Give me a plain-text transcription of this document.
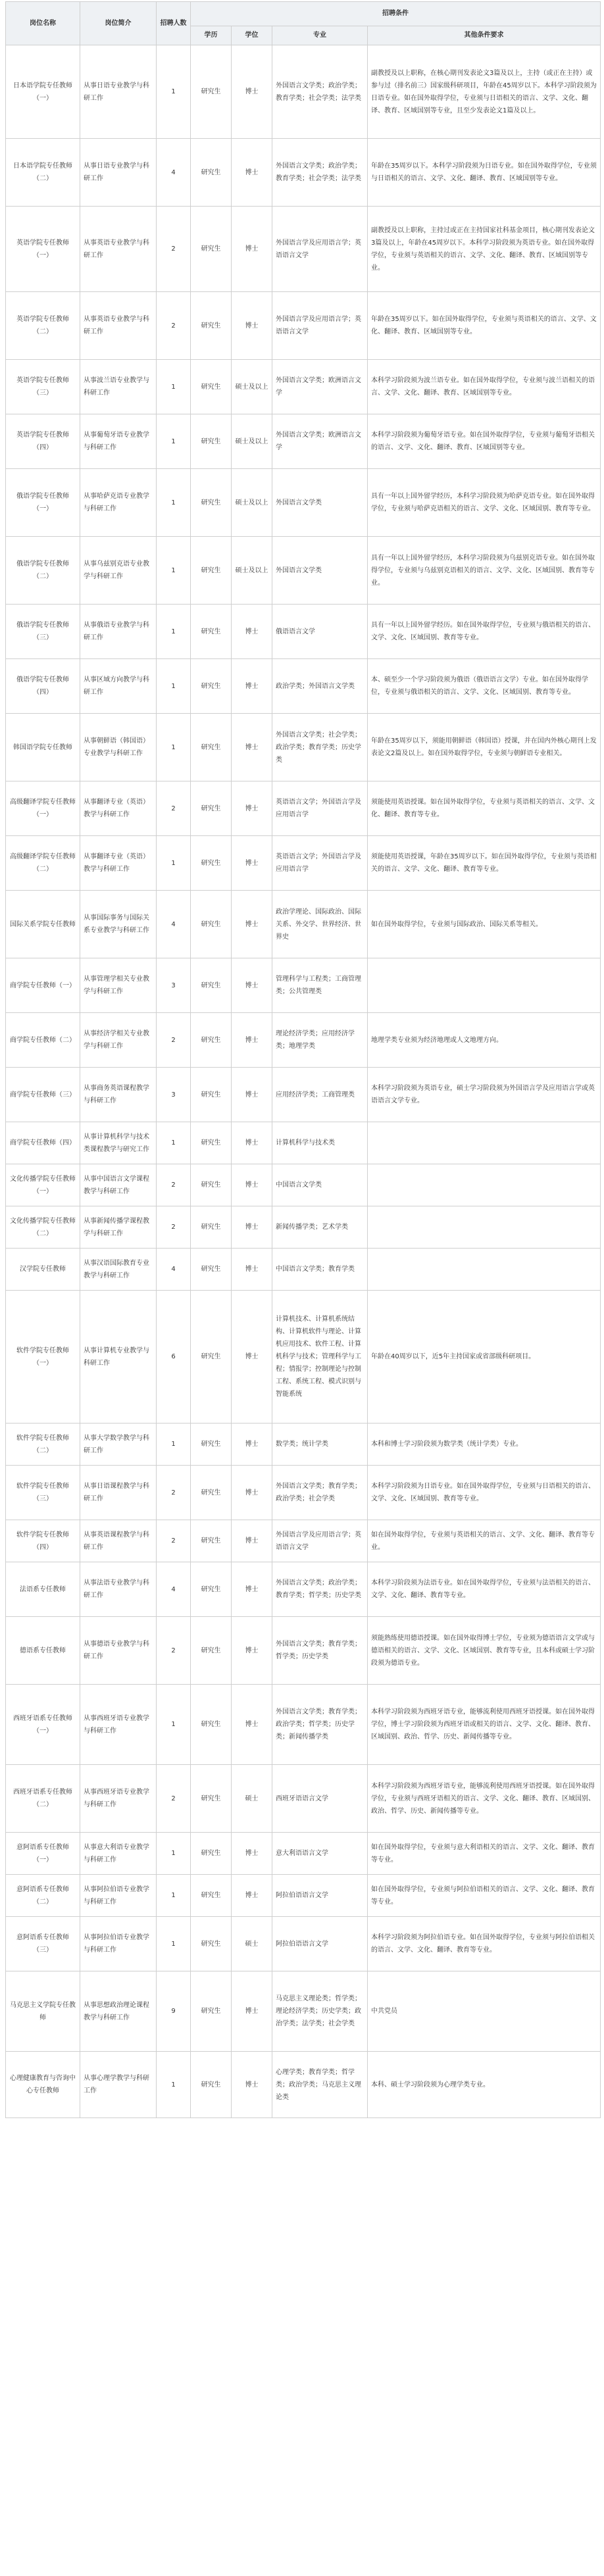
岗位名称	岗位简介	招聘人数	招聘条件			
			学历	学位	专业	其他条件要求
日本语学院专任教师（一）	从事日语专业教学与科研工作	1	研究生	博士	外国语言文学类；政治学类；教育学类；社会学类；法学类	副教授及以上职称，在核心期刊发表论文3篇及以上，主持（或正在主持）或参与过（排名前三）国家级科研项目，年龄在45周岁以下。本科学习阶段须为日语专业。如在国外取得学位，专业须与日语相关的语言、文学、文化、翻译、教育、区域国别等专业，且至少发表论文1篇及以上。
日本语学院专任教师（二）	从事日语专业教学与科研工作	4	研究生	博士	外国语言文学类；政治学类；教育学类；社会学类；法学类	年龄在35周岁以下。本科学习阶段须为日语专业。如在国外取得学位，专业须与日语相关的语言、文学、文化、翻译、教育、区域国别等专业。
英语学院专任教师（一）	从事英语专业教学与科研工作	2	研究生	博士	外国语言学及应用语言学；英语语言文学	副教授及以上职称，主持过或正在主持国家社科基金项目，核心期刊发表论文3篇及以上，年龄在45周岁以下。本科学习阶段须为英语专业。如在国外取得学位，专业须与英语相关的语言、文学、文化、翻译、教育、区域国别等专业。
英语学院专任教师（二）	从事英语专业教学与科研工作	2	研究生	博士	外国语言学及应用语言学；英语语言文学	年龄在35周岁以下。如在国外取得学位，专业须与英语相关的语言、文学、文化、翻译、教育、区域国别等专业。
英语学院专任教师（三）	从事波兰语专业教学与科研工作	1	研究生	硕士及以上	外国语言文学类；欧洲语言文学	本科学习阶段须为波兰语专业。如在国外取得学位，专业须与波兰语相关的语言、文学、文化、翻译、教育、区域国别等专业。
英语学院专任教师（四）	从事葡萄牙语专业教学与科研工作	1	研究生	硕士及以上	外国语言文学类；欧洲语言文学	本科学习阶段须为葡萄牙语专业。如在国外取得学位，专业须与葡萄牙语相关的语言、文学、文化、翻译、教育、区域国别等专业。
俄语学院专任教师（一）	从事哈萨克语专业教学与科研工作	1	研究生	硕士及以上	外国语言文学类	具有一年以上国外留学经历，本科学习阶段须为哈萨克语专业。如在国外取得学位，专业须与哈萨克语相关的语言、文学、文化、区域国别、教育等专业。
俄语学院专任教师（二）	从事乌兹别克语专业教学与科研工作	1	研究生	硕士及以上	外国语言文学类	具有一年以上国外留学经历，本科学习阶段须为乌兹别克语专业。如在国外取得学位，专业须与乌兹别克语相关的语言、文学、文化、区域国别、教育等专业。
俄语学院专任教师（三）	从事俄语专业教学与科研工作	1	研究生	博士	俄语语言文学	具有一年以上国外留学经历。如在国外取得学位，专业须与俄语相关的语言、文学、文化、区域国别、教育等专业。
俄语学院专任教师（四）	从事区域方向教学与科研工作	1	研究生	博士	政治学类；外国语言文学类	本、硕至少一个学习阶段须为俄语（俄语语言文学）专业。如在国外取得学位，专业须与俄语相关的语言、文学、文化、区域国别、教育等专业。
韩国语学院专任教师	从事朝鲜语（韩国语）专业教学与科研工作	1	研究生	博士	外国语言文学类；社会学类；政治学类；教育学类；历史学类	年龄在35周岁以下，须能用朝鲜语（韩国语）授课，并在国内外核心期刊上发表论文2篇及以上。如在国外取得学位，专业须与朝鲜语专业相关。
高级翻译学院专任教师（一）	从事翻译专业（英语）教学与科研工作	2	研究生	博士	英语语言文学；外国语言学及应用语言学	须能使用英语授课。如在国外取得学位，专业须与英语相关的语言、文学、文化、翻译、教育等专业。
高级翻译学院专任教师（二）	从事翻译专业（英语）教学与科研工作	1	研究生	博士	英语语言文学；外国语言学及应用语言学	须能使用英语授课，年龄在35周岁以下。如在国外取得学位，专业须与英语相关的语言、文学、文化、翻译、教育等专业。
国际关系学院专任教师	从事国际事务与国际关系专业教学与科研工作	4	研究生	博士	政治学理论、国际政治、国际关系、外交学、世界经济、世界史	如在国外取得学位，专业须与国际政治、国际关系等相关。
商学院专任教师（一）	从事管理学相关专业教学与科研工作	3	研究生	博士	管理科学与工程类；工商管理类；公共管理类	
商学院专任教师（二）	从事经济学相关专业教学与科研工作	2	研究生	博士	理论经济学类；应用经济学类；地理学类	地理学类专业须为经济地理或人文地理方向。
商学院专任教师（三）	从事商务英语课程教学与科研工作	3	研究生	博士	应用经济学类；工商管理类	本科学习阶段须为英语专业，硕士学习阶段须为外国语言学及应用语言学或英语语言文学专业。
商学院专任教师（四）	从事计算机科学与技术类课程教学与研究工作	1	研究生	博士	计算机科学与技术类	
文化传播学院专任教师（一）	从事中国语言文学课程教学与科研工作	2	研究生	博士	中国语言文学类	
文化传播学院专任教师（二）	从事新闻传播学课程教学与科研工作	2	研究生	博士	新闻传播学类；艺术学类	
汉学院专任教师	从事汉语国际教育专业教学与科研工作	4	研究生	博士	中国语言文学类；教育学类	
软件学院专任教师（一）	从事计算机专业教学与科研工作	6	研究生	博士	计算机技术、计算机系统结构、计算机软件与理论、计算机应用技术、软件工程、计算机科学与技术；管理科学与工程；情报学；控制理论与控制工程、系统工程、模式识别与智能系统	年龄在40周岁以下，近5年主持国家或省部级科研项目。
软件学院专任教师（二）	从事大学数学教学与科研工作	1	研究生	博士	数学类；统计学类	本科和博士学习阶段须为数学类（统计学类）专业。
软件学院专任教师（三）	从事日语课程教学与科研工作	2	研究生	博士	外国语言文学类；教育学类；政治学类；社会学类	本科学习阶段须为日语专业。如在国外取得学位，专业须与日语相关的语言、文学、文化、区域国别、教育等专业。
软件学院专任教师（四）	从事英语课程教学与科研工作	2	研究生	博士	外国语言学及应用语言学；英语语言文学	如在国外取得学位，专业须与英语相关的语言、文学、文化、翻译、教育等专业。
法语系专任教师	从事法语专业教学与科研工作	4	研究生	博士	外国语言文学类；政治学类；教育学类；哲学类；历史学类	本科学习阶段须为法语专业。如在国外取得学位，专业须与法语相关的语言、文学、文化、翻译、教育等专业。
德语系专任教师	从事德语专业教学与科研工作	2	研究生	博士	外国语言文学类；教育学类；哲学类；历史学类	须能熟练使用德语授课。如在国外取得博士学位，专业须为德语语言文学或与德语相关的语言、文学、文化、区域国别、教育等专业，且本科或硕士学习阶段须为德语专业。
西班牙语系专任教师（一）	从事西班牙语专业教学与科研工作	1	研究生	博士	外国语言文学类；教育学类；政治学类；哲学类；历史学类；新闻传播学类	本科学习阶段须为西班牙语专业，能够流利使用西班牙语授课。如在国外取得学位，博士学习阶段须为西班牙语或相关的语言、文学、文化、翻译、教育、区域国别、政治、哲学、历史、新闻传播等专业。
西班牙语系专任教师（二）	从事西班牙语专业教学与科研工作	2	研究生	硕士	西班牙语语言文学	本科学习阶段须为西班牙语专业，能够流利使用西班牙语授课。如在国外取得学位，专业须与西班牙语相关的语言、文学、文化、翻译、教育、区域国别、政治、哲学、历史、新闻传播等专业。
意阿语系专任教师（一）	从事意大利语专业教学与科研工作	1	研究生	博士	意大利语语言文学	如在国外取得学位，专业须与意大利语相关的语言、文学、文化、翻译、教育等专业。
意阿语系专任教师（二）	从事阿拉伯语专业教学与科研工作	1	研究生	博士	阿拉伯语语言文学	如在国外取得学位，专业须与阿拉伯语相关的语言、文学、文化、翻译、教育等专业。
意阿语系专任教师（三）	从事阿拉伯语专业教学与科研工作	1	研究生	硕士	阿拉伯语语言文学	本科学习阶段须为阿拉伯语专业。如在国外取得学位，专业须与阿拉伯语相关的语言、文学、文化、翻译、教育等专业。
马克思主义学院专任教师	从事思想政治理论课程教学与科研工作	9	研究生	博士	马克思主义理论类；哲学类；理论经济学类；历史学类；政治学类；法学类；社会学类	中共党员
心理健康教育与咨询中心专任教师	从事心理学教学与科研工作	1	研究生	博士	心理学类；教育学类；哲学类；政治学类；马克思主义理论类	本科、硕士学习阶段须为心理学类专业。
